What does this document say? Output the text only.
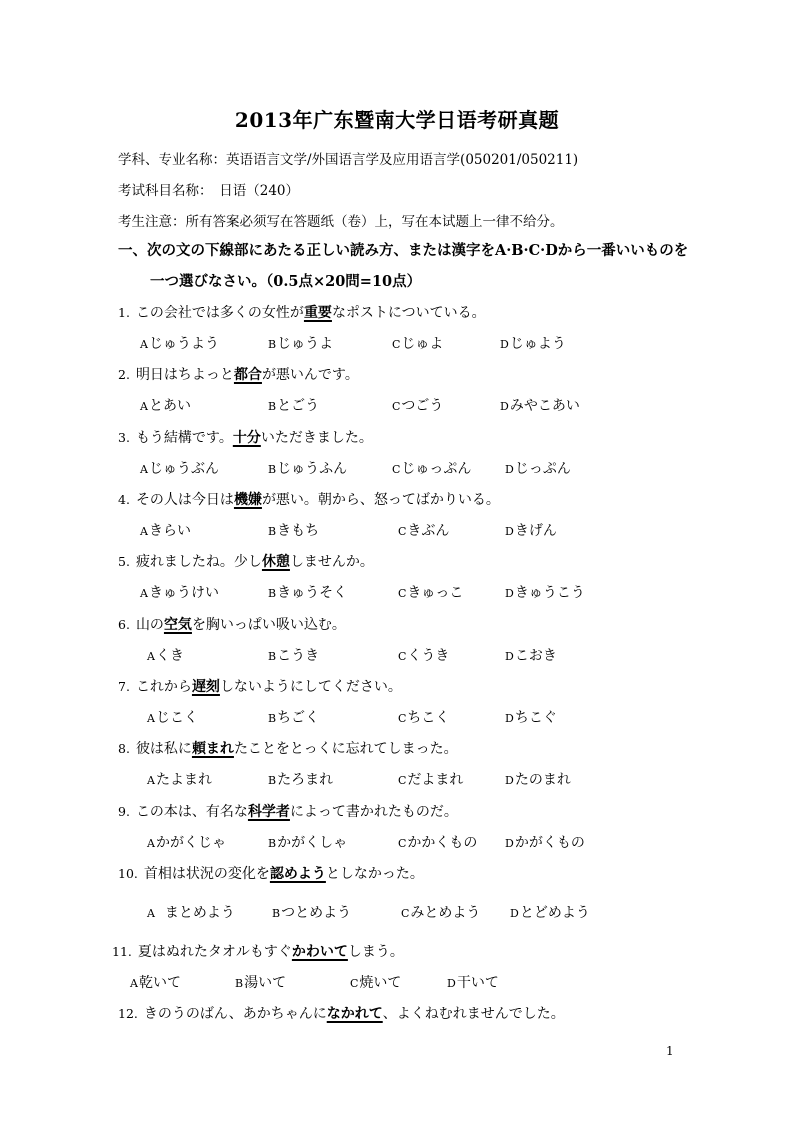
2013年广东暨南大学日语考研真题
学科、专业名称：英语语言文学/外国语言学及应用语言学(050201/050211)
考试科目名称：　日语（240）
考生注意：所有答案必须写在答题纸（卷）上，写在本试题上一律不给分。
一、次の文の下線部にあたる正しい読み方、または漢字をA·B·C·Dから一番いいものを
一つ選びなさい。（0.5点×20問=10点）
1. この会社では多くの女性が重要なポストについている。
Aじゅうよう	Bじゅうよ	Cじゅよ	Dじゅよう
2. 明日はちよっと都合が悪いんです。
Aとあい	Bとごう	Cつごう	Dみやこあい
3. もう結構です。十分いただきました。
Aじゅうぶん	Bじゅうふん	Cじゅっぷん	Dじっぷん
4. その人は今日は機嫌が悪い。朝から、怒ってばかりいる。
Aきらい	Bきもち	Cきぶん	Dきげん
5. 疲れましたね。少し休憩しませんか。
Aきゅうけい	Bきゅうそく	Cきゅっこ	Dきゅうこう
6. 山の空気を胸いっぱい吸い込む。
Aくき	Bこうき	Cくうき	Dこおき
7. これから遅刻しないようにしてください。
Aじこく	Bちごく	Cちこく	Dちこぐ
8. 彼は私に頼まれたことをとっくに忘れてしまった。
Aたよまれ	Bたろまれ	Cだよまれ	Dたのまれ
9. この本は、有名な科学者によって書かれたものだ。
Aかがくじゃ	Bかがくしゃ	Cかかくもの	Dかがくもの
10. 首相は状況の変化を認めようとしなかった。
A まとめよう	Bつとめよう	Cみとめよう	Dとどめよう
11. 夏はぬれたタオルもすぐかわいてしまう。
A乾いて	B湯いて	C焼いて	D干いて
12. きのうのばん、あかちゃんになかれて、よくねむれませんでした。
1
